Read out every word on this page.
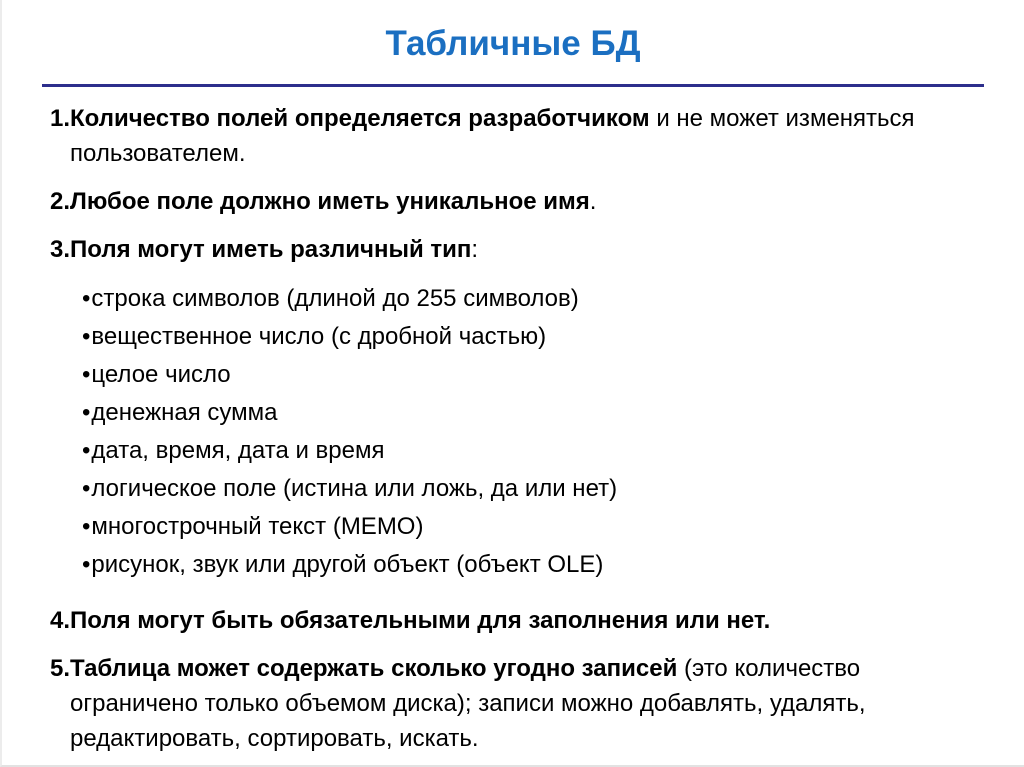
Табличные БД

1.Количество полей определяется разработчиком и не может изменяться пользователем.

2.Любое поле должно иметь уникальное имя.

3.Поля могут иметь различный тип:

•строка символов (длиной до 255 символов)
•вещественное число (с дробной частью)
•целое число
•денежная сумма
•дата, время, дата и время
•логическое поле (истина или ложь, да или нет)
•многострочный текст (MEMO)
•рисунок, звук или другой объект (объект OLE)

4.Поля могут быть обязательными для заполнения или нет.

5.Таблица может содержать сколько угодно записей (это количество ограничено только объемом диска); записи можно добавлять, удалять, редактировать, сортировать, искать.
